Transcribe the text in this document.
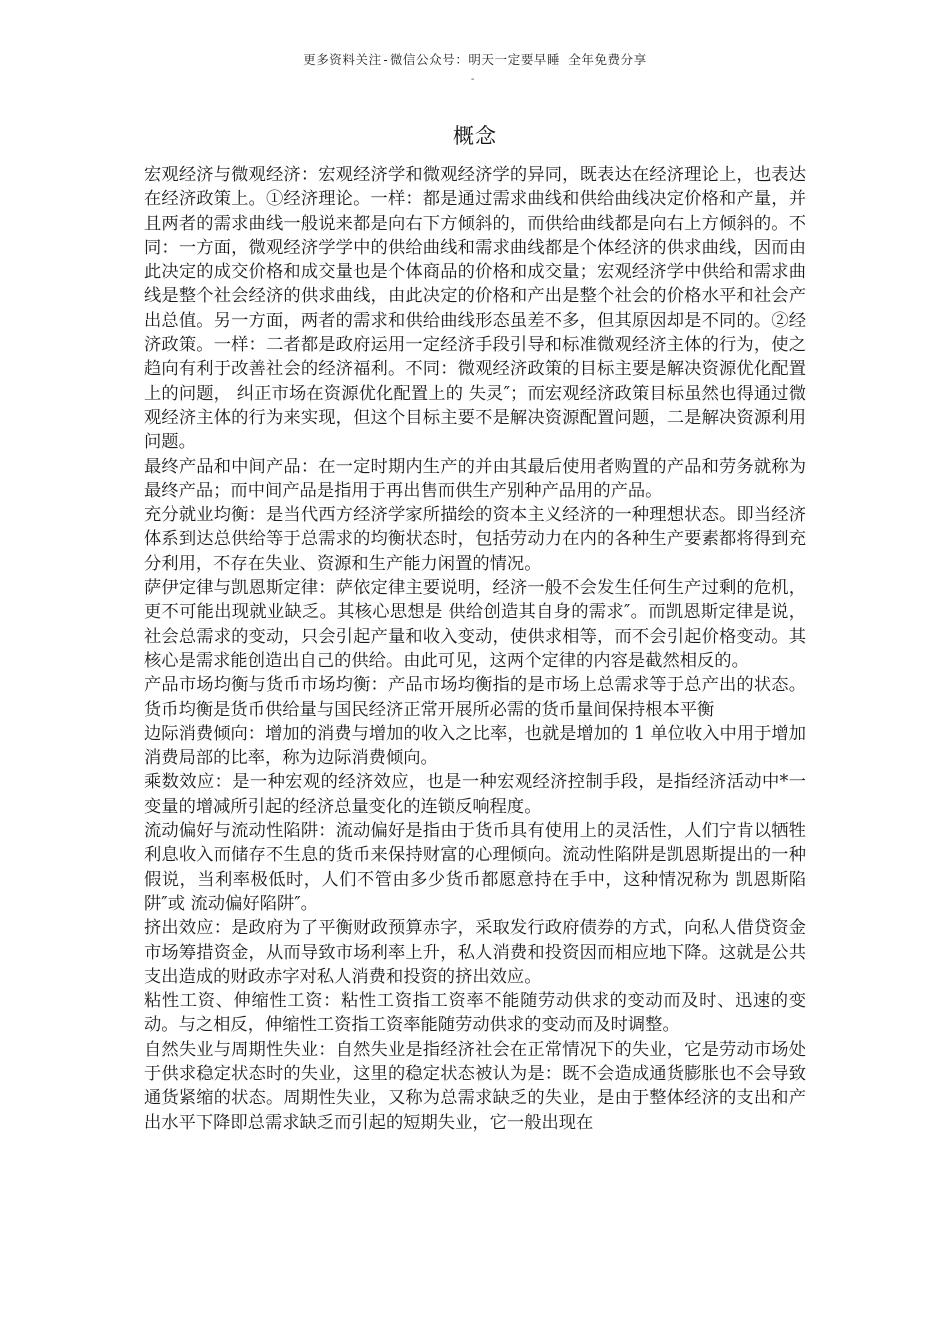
更多资料关注-微信公众号：明天一定要早睡 全年免费分享
-
概念

宏观经济与微观经济：宏观经济学和微观经济学的异同，既表达在经济理论上，也表达在经济政策上。①经济理论。一样：都是通过需求曲线和供给曲线决定价格和产量，并且两者的需求曲线一般说来都是向右下方倾斜的，而供给曲线都是向右上方倾斜的。不同：一方面，微观经济学学中的供给曲线和需求曲线都是个体经济的供求曲线，因而由此决定的成交价格和成交量也是个体商品的价格和成交量；宏观经济学中供给和需求曲线是整个社会经济的供求曲线，由此决定的价格和产出是整个社会的价格水平和社会产出总值。另一方面，两者的需求和供给曲线形态虽差不多，但其原因却是不同的。②经济政策。一样：二者都是政府运用一定经济手段引导和标准微观经济主体的行为，使之趋向有利于改善社会的经济福利。不同：微观经济政策的目标主要是解决资源优化配置上的问题， 纠正市场在资源优化配置上的 失灵″；而宏观经济政策目标虽然也得通过微观经济主体的行为来实现，但这个目标主要不是解决资源配置问题，二是解决资源利用问题。

最终产品和中间产品：在一定时期内生产的并由其最后使用者购置的产品和劳务就称为最终产品；而中间产品是指用于再出售而供生产别种产品用的产品。

充分就业均衡：是当代西方经济学家所描绘的资本主义经济的一种理想状态。即当经济体系到达总供给等于总需求的均衡状态时，包括劳动力在内的各种生产要素都将得到充分利用，不存在失业、资源和生产能力闲置的情况。

萨伊定律与凯恩斯定律：萨依定律主要说明，经济一般不会发生任何生产过剩的危机，更不可能出现就业缺乏。其核心思想是 供给创造其自身的需求″。而凯恩斯定律是说，社会总需求的变动，只会引起产量和收入变动，使供求相等，而不会引起价格变动。其核心是需求能创造出自己的供给。由此可见，这两个定律的内容是截然相反的。

产品市场均衡与货币市场均衡：产品市场均衡指的是市场上总需求等于总产出的状态。货币均衡是货币供给量与国民经济正常开展所必需的货币量间保持根本平衡

边际消费倾向：增加的消费与增加的收入之比率，也就是增加的 1 单位收入中用于增加消费局部的比率，称为边际消费倾向。

乘数效应：是一种宏观的经济效应，也是一种宏观经济控制手段，是指经济活动中*一变量的增减所引起的经济总量变化的连锁反响程度。

流动偏好与流动性陷阱：流动偏好是指由于货币具有使用上的灵活性，人们宁肯以牺牲利息收入而储存不生息的货币来保持财富的心理倾向。流动性陷阱是凯恩斯提出的一种假说，当利率极低时，人们不管由多少货币都愿意持在手中，这种情况称为 凯恩斯陷阱″或 流动偏好陷阱″。

挤出效应：是政府为了平衡财政预算赤字，采取发行政府债券的方式，向私人借贷资金市场筹措资金，从而导致市场利率上升，私人消费和投资因而相应地下降。这就是公共支出造成的财政赤字对私人消费和投资的挤出效应。

粘性工资、伸缩性工资：粘性工资指工资率不能随劳动供求的变动而及时、迅速的变动。与之相反，伸缩性工资指工资率能随劳动供求的变动而及时调整。

自然失业与周期性失业：自然失业是指经济社会在正常情况下的失业，它是劳动市场处于供求稳定状态时的失业，这里的稳定状态被认为是：既不会造成通货膨胀也不会导致通货紧缩的状态。周期性失业，又称为总需求缺乏的失业，是由于整体经济的支出和产出水平下降即总需求缺乏而引起的短期失业，它一般出现在
